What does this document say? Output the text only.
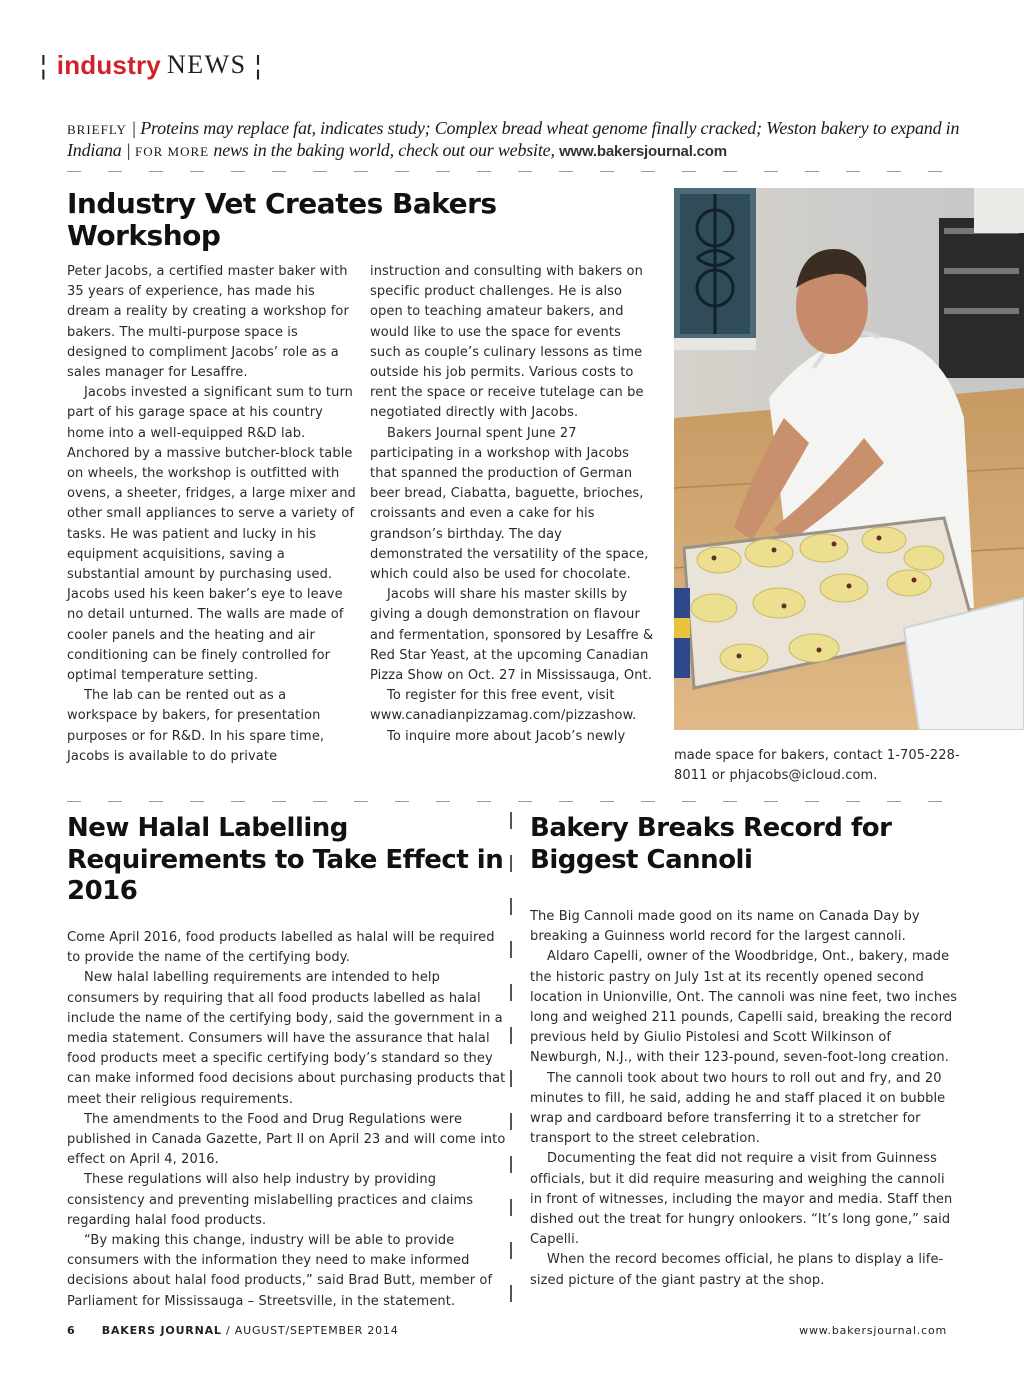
¦ industry NEWS ¦
BRIEFLY | Proteins may replace fat, indicates study; Complex bread wheat genome finally cracked; Weston bakery to expand in Indiana | FOR MORE news in the baking world, check out our website, www.bakersjournal.com
Industry Vet Creates Bakers Workshop

Peter Jacobs, a certified master baker with 35 years of experience, has made his dream a reality by creating a workshop for bakers. The multi-purpose space is designed to compliment Jacobs’ role as a sales manager for Lesaffre.

Jacobs invested a significant sum to turn part of his garage space at his country home into a well-equipped R&D lab. Anchored by a massive butcher-block table on wheels, the workshop is outfitted with ovens, a sheeter, fridges, a large mixer and other small appliances to serve a variety of tasks. He was patient and lucky in his equipment acquisitions, saving a substantial amount by purchasing used. Jacobs used his keen baker’s eye to leave no detail unturned. The walls are made of cooler panels and the heating and air conditioning can be finely controlled for optimal temperature setting.

The lab can be rented out as a workspace by bakers, for presentation purposes or for R&D. In his spare time, Jacobs is available to do private

instruction and consulting with bakers on specific product challenges. He is also open to teaching amateur bakers, and would like to use the space for events such as couple’s culinary lessons as time outside his job permits. Various costs to rent the space or receive tutelage can be negotiated directly with Jacobs.

Bakers Journal spent June 27 participating in a workshop with Jacobs that spanned the production of German beer bread, Ciabatta, baguette, brioches, croissants and even a cake for his grandson’s birthday. The day demonstrated the versatility of the space, which could also be used for chocolate.

Jacobs will share his master skills by giving a dough demonstration on flavour and fermentation, sponsored by Lesaffre & Red Star Yeast, at the upcoming Canadian Pizza Show on Oct. 27 in Mississauga, Ont.

To register for this free event, visit www.canadianpizzamag.com/pizzashow.

To inquire more about Jacob’s newly

made space for bakers, contact 1-705-228-8011 or phjacobs@icloud.com.

New Halal Labelling Requirements to Take Effect in 2016

Come April 2016, food products labelled as halal will be required to provide the name of the certifying body.

New halal labelling requirements are intended to help consumers by requiring that all food products labelled as halal include the name of the certifying body, said the government in a media statement. Consumers will have the assurance that halal food products meet a specific certifying body’s standard so they can make informed food decisions about purchasing products that meet their religious requirements.

The amendments to the Food and Drug Regulations were published in Canada Gazette, Part II on April 23 and will come into effect on April 4, 2016.

These regulations will also help industry by providing consistency and preventing mislabelling practices and claims regarding halal food products.

“By making this change, industry will be able to provide consumers with the information they need to make informed decisions about halal food products,” said Brad Butt, member of Parliament for Mississauga – Streetsville, in the statement.

Bakery Breaks Record for Biggest Cannoli

The Big Cannoli made good on its name on Canada Day by breaking a Guinness world record for the largest cannoli.

Aldaro Capelli, owner of the Woodbridge, Ont., bakery, made the historic pastry on July 1st at its recently opened second location in Unionville, Ont. The cannoli was nine feet, two inches long and weighed 211 pounds, Capelli said, breaking the record previous held by Giulio Pistolesi and Scott Wilkinson of Newburgh, N.J., with their 123-pound, seven-foot-long creation.

The cannoli took about two hours to roll out and fry, and 20 minutes to fill, he said, adding he and staff placed it on bubble wrap and cardboard before transferring it to a stretcher for transport to the street celebration.

Documenting the feat did not require a visit from Guinness officials, but it did require measuring and weighing the cannoli in front of witnesses, including the mayor and media. Staff then dished out the treat for hungry onlookers. “It’s long gone,” said Capelli.

When the record becomes official, he plans to display a life-sized picture of the giant pastry at the shop.

6 BAKERS JOURNAL / AUGUST/SEPTEMBER 2014	www.bakersjournal.com
